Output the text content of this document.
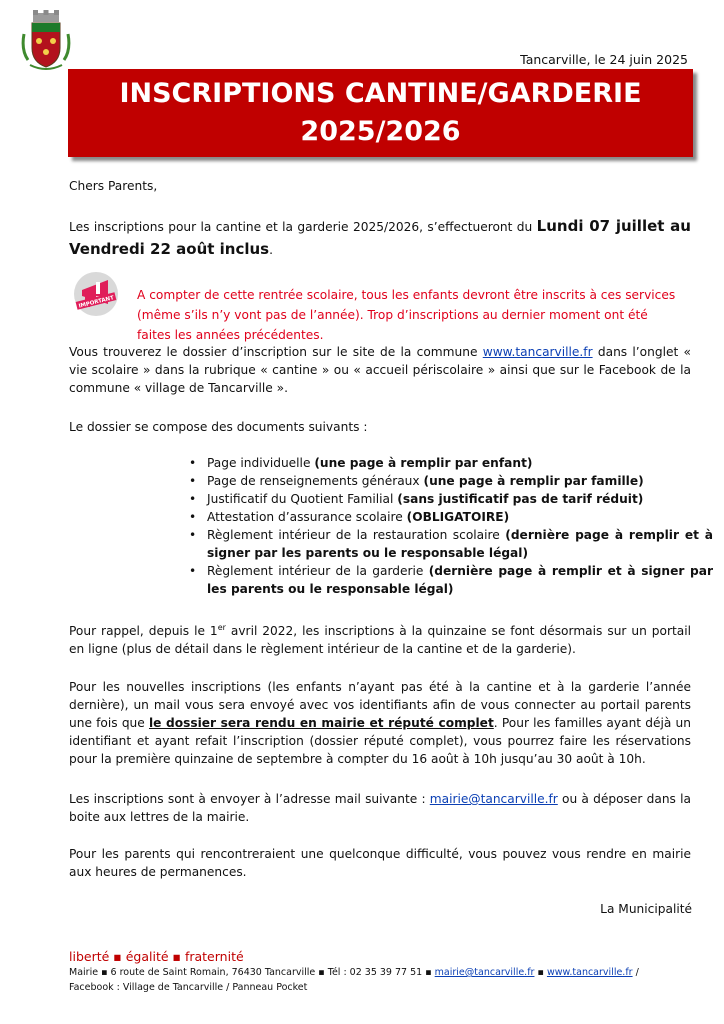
Tancarville, le 24 juin 2025
INSCRIPTIONS CANTINE/GARDERIE
2025/2026

Chers Parents,

Les inscriptions pour la cantine et la garderie 2025/2026, s’effectueront du Lundi 07 juillet au Vendredi 22 août inclus.

IMPORTANT A compter de cette rentrée scolaire, tous les enfants devront être inscrits à ces services (même s’ils n’y vont pas de l’année). Trop d’inscriptions au dernier moment ont été faites les années précédentes.

Vous trouverez le dossier d’inscription sur le site de la commune www.tancarville.fr dans l’onglet « vie scolaire » dans la rubrique « cantine » ou « accueil périscolaire » ainsi que sur le Facebook de la commune « village de Tancarville ».

Le dossier se compose des documents suivants :

• Page individuelle (une page à remplir par enfant)
• Page de renseignements généraux (une page à remplir par famille)
• Justificatif du Quotient Familial (sans justificatif pas de tarif réduit)
• Attestation d’assurance scolaire (OBLIGATOIRE)
• Règlement intérieur de la restauration scolaire (dernière page à remplir et à signer par les parents ou le responsable légal)
• Règlement intérieur de la garderie (dernière page à remplir et à signer par les parents ou le responsable légal)

Pour rappel, depuis le 1er avril 2022, les inscriptions à la quinzaine se font désormais sur un portail en ligne (plus de détail dans le règlement intérieur de la cantine et de la garderie).

Pour les nouvelles inscriptions (les enfants n’ayant pas été à la cantine et à la garderie l’année dernière), un mail vous sera envoyé avec vos identifiants afin de vous connecter au portail parents une fois que le dossier sera rendu en mairie et réputé complet. Pour les familles ayant déjà un identifiant et ayant refait l’inscription (dossier réputé complet), vous pourrez faire les réservations pour la première quinzaine de septembre à compter du 16 août à 10h jusqu’au 30 août à 10h.

Les inscriptions sont à envoyer à l’adresse mail suivante : mairie@tancarville.fr ou à déposer dans la boite aux lettres de la mairie.

Pour les parents qui rencontreraient une quelconque difficulté, vous pouvez vous rendre en mairie aux heures de permanences.

La Municipalité
liberté ▪ égalité ▪ fraternité
Mairie ▪ 6 route de Saint Romain, 76430 Tancarville ▪ Tél : 02 35 39 77 51 ▪ mairie@tancarville.fr ▪ www.tancarville.fr / Facebook : Village de Tancarville / Panneau Pocket
